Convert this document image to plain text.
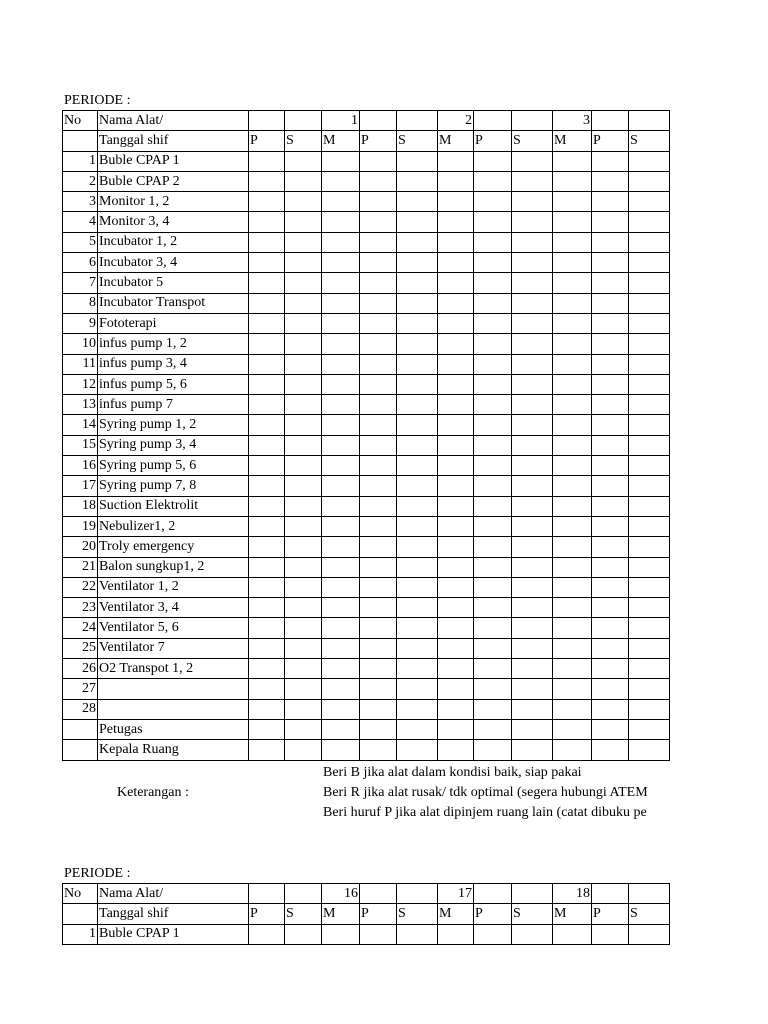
PERIODE :
No	Nama Alat/			1			2			3		
	Tanggal shif	P	S	M	P	S	M	P	S	M	P	S
1	Buble CPAP 1											
2	Buble CPAP 2											
3	Monitor 1, 2											
4	Monitor 3, 4											
5	Incubator 1, 2											
6	Incubator 3, 4											
7	Incubator 5											
8	Incubator Transpot											
9	Fototerapi											
10	infus pump 1, 2											
11	infus pump 3, 4											
12	infus pump 5, 6											
13	infus pump 7											
14	Syring pump 1, 2											
15	Syring pump 3, 4											
16	Syring pump 5, 6											
17	Syring pump 7, 8											
18	Suction Elektrolit											
19	Nebulizer1, 2											
20	Troly emergency											
21	Balon sungkup1, 2											
22	Ventilator 1, 2											
23	Ventilator 3, 4											
24	Ventilator 5, 6											
25	Ventilator 7											
26	O2 Transpot 1, 2											
27												
28												
	Petugas											
	Kepala Ruang											
Keterangan :
Beri B jika alat dalam kondisi baik, siap pakai
Beri R jika alat rusak/ tdk optimal (segera hubungi ATEM
Beri huruf P jika alat dipinjem ruang lain (catat dibuku pe
PERIODE :
No	Nama Alat/			16			17			18		
	Tanggal shif	P	S	M	P	S	M	P	S	M	P	S
1	Buble CPAP 1											
